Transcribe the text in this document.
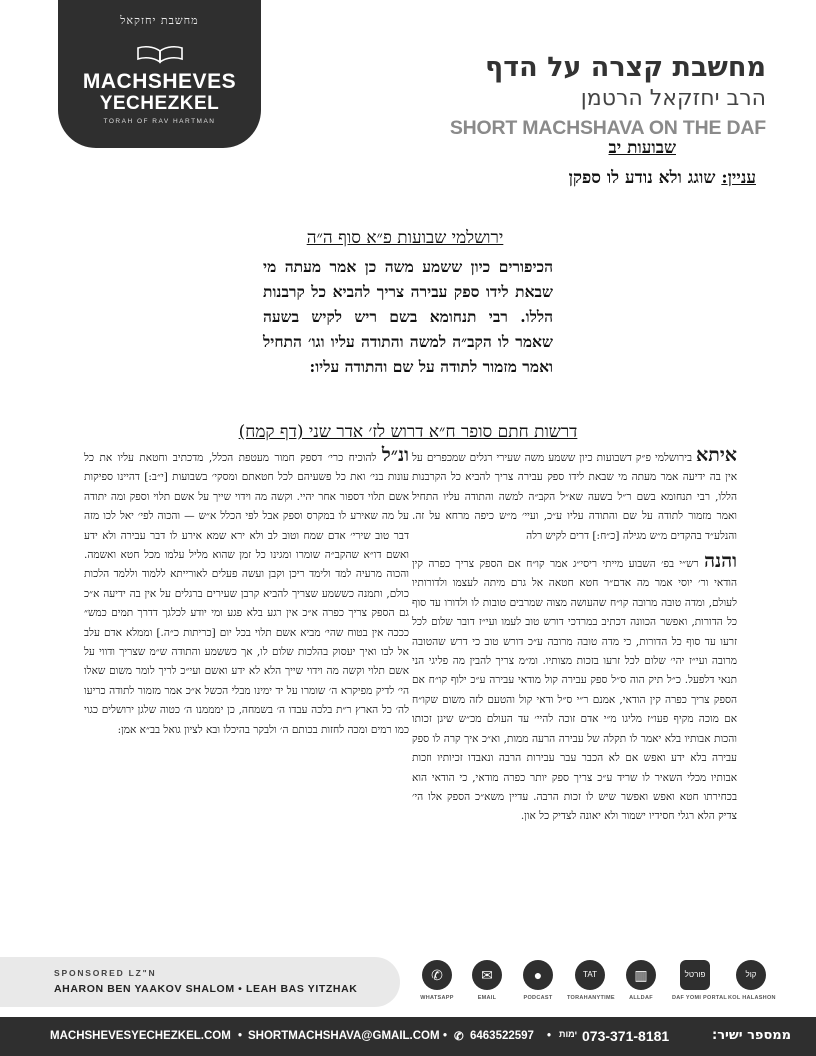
מחשבת יחזקאל
MACHSHEVES
YECHEZKEL
TORAH OF RAV HARTMAN
מחשבת קצרה על הדף
הרב יחזקאל הרטמן
SHORT MACHSHAVA ON THE DAF
שבועות יב
עניין: שוגג ולא נודע לו ספקן
ירושלמי שבועות פ״א סוף ה״ה
הכיפורים כיון ששמע משה כן אמר מעתה מי שבאת לידו ספק עבירה צריך להביא כל קרבנות הללו. רבי תנחומא בשם ריש לקיש בשעה שאמר לו הקב״ה למשה והתודה עליו וגו׳ התחיל ואמר מזמור לתודה על שם והתודה עליו:
דרשות חתם סופר ח״א דרוש לז׳ אדר שני (דף קמח)

איתא בירושלמי פ״ק דשבועות כיון ששמע משה שעירי רגלים שמכפרים על אין בה ידיעה אמר מעתה מי שבאת לידו ספק עבירה צריך להביא כל הקרבנות הללו, רבי תנחומא בשם ר״ל בשעה שא״ל הקב״ה למשה והתודה עליו התחיל ואמר מזמור לתודה על שם והתודה עליו ע״כ, ועיי׳ מ״ש כיפה מרחא על זה. והנלע״ד בהקדים מ״ש מגילה [כ״ח:] דרים לקיש רלה

והנה רש״י בפ׳ השבוע מייתי ריסי״ג אמר קו״ח אם הספק צריך כפרה קין הודאי ור׳ יוסי אמר מה אדם״ר חטא חטאה אל גרם מיתה לעצמו ולדורותיו לעולם, ומדה טובה מרובה קו״ח שהעושה מצוה שמרבים טובות לו ולדורו עד סוף כל הדורות, ואפשר הכוונה דכתיב במרדכי דורש טוב לעמו ועי״ז דובר שלום לכל זרעו עד סוף כל הדורות, כי מדה טובה מרובה ע״כ דורש טוב כי דרש שהטובה מרובה ועי״ז יהי׳ שלום לכל זרעו בזכות מצותיו. ומ״מ צריך להבין מה פליגי הני תנאי דלפעל. כ״ל תיק הוה ס״ל ספק עבירה קול מודאי עבירה ע״כ ילוף קו״ח אם הספק צריך כפרה קין הודאי, אמנם ר״י ס״ל ודאי קול והטעם לזה משום שקו״ח אם מוכה מקיף פעו״ז מליגו מ״י אדם זוכה להיי׳ עד העולם מכ״ש שיגן זכותו והכות אבותיו בלא יאמר לו תקלה של עבירה הרעה ממות, וא״כ איך קרה לו ספק עבירה בלא ידע ואפש אם לא הכבר עבר עבירות הרבה ונאבדו זכיותיו וזכות אבותיו מכלי השאיר לו שריד ע״כ צריך ספק יותר כפרה מודאי, כי הודאי הוא בכחירתו חטא ואפש ואפשר שיש לו זכות הרבה. עדיין משא״כ הספק אלו הי׳ צדיק הלא רגלי חסידיו ישמור ולא יאונה לצדיק כל און.

ונ״ל להוכיח כרי׳ דספק חמור מעטפת הכלל, מדכתיב וחטאת עליו את כל עונות בני׳ ואת כל פשעיהם לכל חטאתם ומסקי׳ בשבועות [י״ב:] דהיינו ספיקות אשם תלוי דספור אחר יהיי. וקשה מה וידוי שייך על אשם תלוי וספק ומה יתודה על מה שאירע לו במקרס וספק אבל לפי הכלל א״ש — והכוה לפי׳ יאל לכו מזה דבר טוב שירי׳ אדם שמח וטוב לב ולא ירא שמא אירע לו דבר עבירה ולא ידע ואשם דו״א שהקב״ה שומרו ומגינו כל זמן שהוא מליל עלמו מכל חטא ואשמה. והכוה מרעיה למד ולימד ריכן וקבן ועשה פעלים לאורייתא ללמוד וללמד הלכות כולם, ותמנה כששמע שצריך להביא קרבן שעירים ברגלים על אין בה ידיעה א״כ גם הספק צריך כפרה א״כ אין רגע בלא פגע ומי יודע לכלגך דדרך תמים כמש״ כככה אין בטוח שהי׳ מביא אשם תלוי בכל יום [כריתות כ״ה.] וממלא אדם עלב אל לבו ואיך יעסוק בהלכות שלום לו, אך כששמע והתודה ש״מ שצריך ודווי על אשם תלוי וקשה מה וידוי שייך הלא לא ידע ואשם ועי״כ לריך לומר משום שאלו הי׳ לדיק מפיקרא ה׳ שומרו על יד ימינו מבלי הכשל א״כ אמר מזמור לתודה כריעו לה׳ כל הארץ ר״ת בלכה עבדו ה׳ בשמחה, כן ימממנו ה׳ כטוה שלגן ירושלים כגוי כמו רמים ומכה לחזות בכותם ה׳ ולבקר בהיכלו ובא לציון גואל בב״א אמן:

SPONSORED LZ"N
AHARON BEN YAAKOV SHALOM • LEAH BAS YITZHAK
✆
WHATSAPP
✉
EMAIL
●
PODCAST
TAT
TORAHANYTIME
▥
ALLDAF
פורטל
DAF YOMI PORTAL
קול
KOL HALASHON
MACHSHEVESYECHEZKEL.COM • SHORTMACHSHAVA@GMAIL.COM • ✆ 6463522597 • ימות 073-371-8181	ממספר ישיר:
